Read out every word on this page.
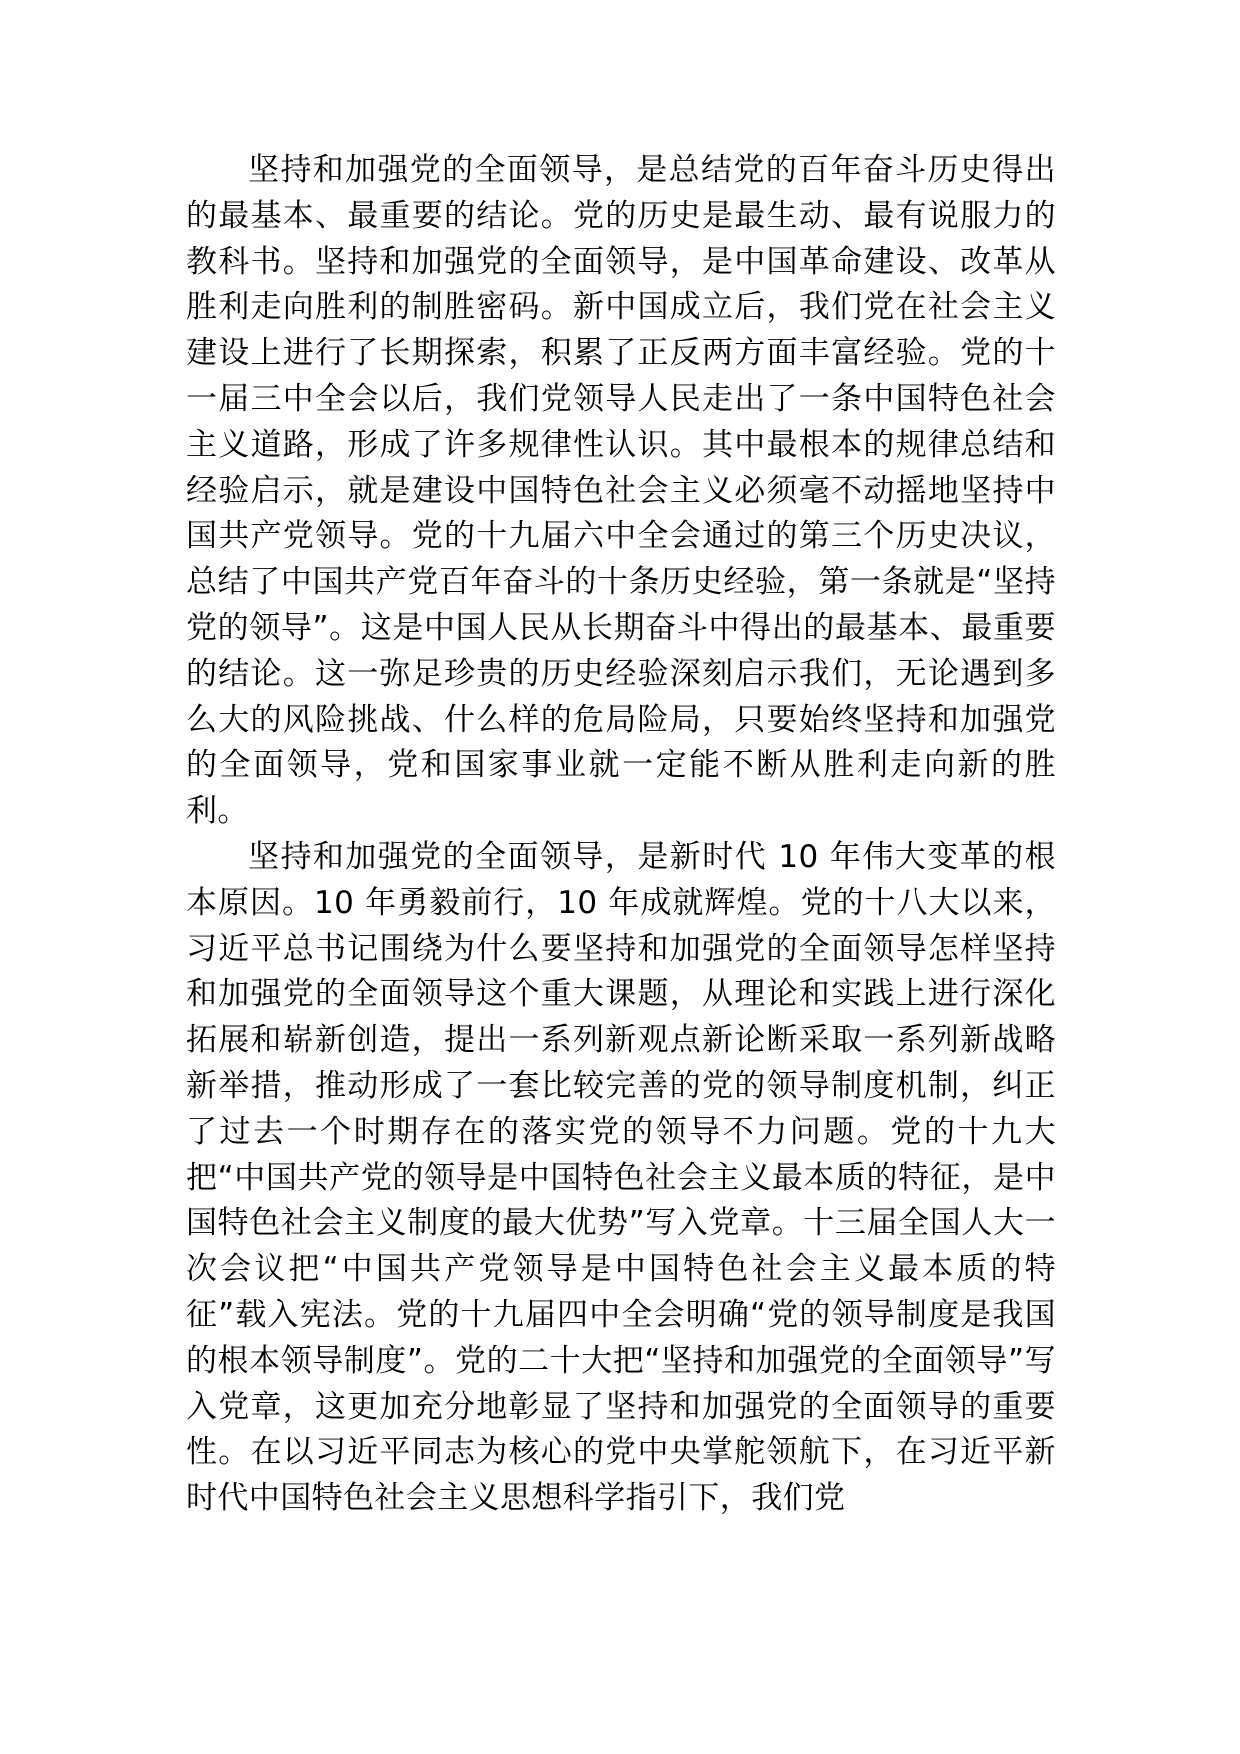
坚持和加强党的全面领导，是总结党的百年奋斗历史得出的最基本、最重要的结论。党的历史是最生动、最有说服力的教科书。坚持和加强党的全面领导，是中国革命建设、改革从胜利走向胜利的制胜密码。新中国成立后，我们党在社会主义建设上进行了长期探索，积累了正反两方面丰富经验。党的十一届三中全会以后，我们党领导人民走出了一条中国特色社会主义道路，形成了许多规律性认识。其中最根本的规律总结和经验启示，就是建设中国特色社会主义必须毫不动摇地坚持中国共产党领导。党的十九届六中全会通过的第三个历史决议，总结了中国共产党百年奋斗的十条历史经验，第一条就是“坚持党的领导”。这是中国人民从长期奋斗中得出的最基本、最重要的结论。这一弥足珍贵的历史经验深刻启示我们，无论遇到多么大的风险挑战、什么样的危局险局，只要始终坚持和加强党的全面领导，党和国家事业就一定能不断从胜利走向新的胜利。

坚持和加强党的全面领导，是新时代 10 年伟大变革的根本原因。10 年勇毅前行，10 年成就辉煌。党的十八大以来，习近平总书记围绕为什么要坚持和加强党的全面领导怎样坚持和加强党的全面领导这个重大课题，从理论和实践上进行深化拓展和崭新创造，提出一系列新观点新论断采取一系列新战略新举措，推动形成了一套比较完善的党的领导制度机制，纠正了过去一个时期存在的落实党的领导不力问题。党的十九大把“中国共产党的领导是中国特色社会主义最本质的特征，是中国特色社会主义制度的最大优势”写入党章。十三届全国人大一次会议把“中国共产党领导是中国特色社会主义最本质的特征”载入宪法。党的十九届四中全会明确“党的领导制度是我国的根本领导制度”。党的二十大把“坚持和加强党的全面领导”写入党章，这更加充分地彰显了坚持和加强党的全面领导的重要性。在以习近平同志为核心的党中央掌舵领航下，在习近平新时代中国特色社会主义思想科学指引下，我们党
